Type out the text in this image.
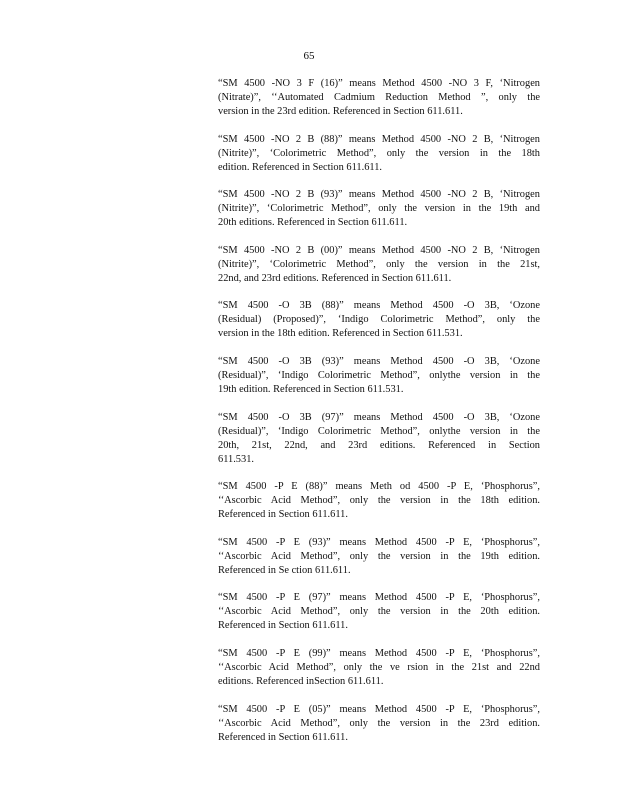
65
“SM 4500 -NO 3 F (16)” means Method 4500 -NO 3 F, ‘Nitrogen
(Nitrate)”, ‘‘Automated Cadmium Reduction Method ”, only the
version in the 23rd edition. Referenced in Section 611.611.
“SM 4500 -NO 2 B (88)” means Method 4500 -NO 2 B, ‘Nitrogen
(Nitrite)”, ‘Colorimetric Method”, only the version in the 18th
edition. Referenced in Section 611.611.
“SM 4500 -NO 2 B (93)” means Method 4500 -NO 2 B, ‘Nitrogen
(Nitrite)”, ‘Colorimetric Method”, only the version in the 19th and
20th editions. Referenced in Section 611.611.
“SM 4500 -NO 2 B (00)” means Method 4500 -NO 2 B, ‘Nitrogen
(Nitrite)”, ‘Colorimetric Method”, only the version in the 21st,
22nd, and 23rd editions. Referenced in Section 611.611.
“SM 4500 -O 3B (88)” means Method 4500 -O 3B, ‘Ozone
(Residual) (Proposed)”, ‘Indigo Colorimetric Method”, only the
version in the 18th edition. Referenced in Section 611.531.
“SM 4500 -O 3B (93)” means Method 4500 -O 3B, ‘Ozone
(Residual)”, ‘Indigo Colorimetric Method”, onlythe version in the
19th edition. Referenced in Section 611.531.
“SM 4500 -O 3B (97)” means Method 4500 -O 3B, ‘Ozone
(Residual)”, ‘Indigo Colorimetric Method”, onlythe version in the
20th, 21st, 22nd, and 23rd editions. Referenced in Section
611.531.
“SM 4500 -P E (88)” means Meth od 4500 -P E, ‘Phosphorus”,
‘‘Ascorbic Acid Method”, only the version in the 18th edition.
Referenced in Section 611.611.
“SM 4500 -P E (93)” means Method 4500 -P E, ‘Phosphorus”,
‘‘Ascorbic Acid Method”, only the version in the 19th edition.
Referenced in Se ction 611.611.
“SM 4500 -P E (97)” means Method 4500 -P E, ‘Phosphorus”,
‘‘Ascorbic Acid Method”, only the version in the 20th edition.
Referenced in Section 611.611.
“SM 4500 -P E (99)” means Method 4500 -P E, ‘Phosphorus”,
‘‘Ascorbic Acid Method”, only the ve rsion in the 21st and 22nd
editions. Referenced inSection 611.611.
“SM 4500 -P E (05)” means Method 4500 -P E, ‘Phosphorus”,
‘‘Ascorbic Acid Method”, only the version in the 23rd edition.
Referenced in Section 611.611.
